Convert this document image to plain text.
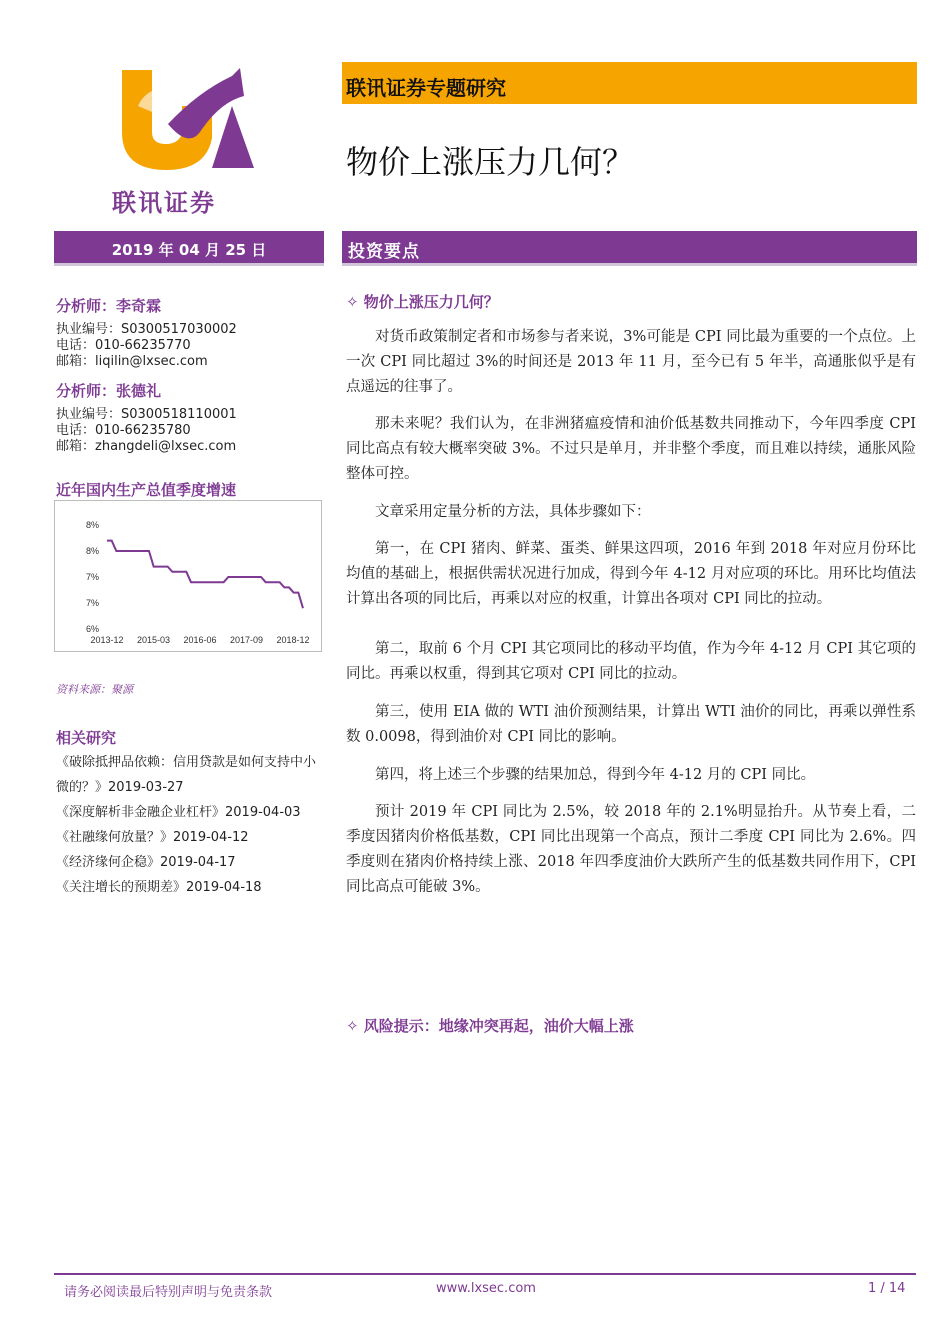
联讯证券
联讯证券专题研究
物价上涨压力几何？
2019 年 04 月 25 日	投资要点
分析师：李奇霖
执业编号：S0300517030002
电话：010-66235770
邮箱：liqilin@lxsec.com
分析师：张德礼
执业编号：S0300518110001
电话：010-66235780
邮箱：zhangdeli@lxsec.com
近年国内生产总值季度增速
8%
8%
7%
7%
6%
2013-12 2015-03 2016-06 2017-09 2018-12
资料来源：聚源
相关研究
《破除抵押品依赖：信用贷款是如何支持中小微的？》2019-03-27
《深度解析非金融企业杠杆》2019-04-03
《社融缘何放量？》2019-04-12
《经济缘何企稳》2019-04-17
《关注增长的预期差》2019-04-18
✧ 物价上涨压力几何？
对货币政策制定者和市场参与者来说，3%可能是 CPI 同比最为重要的一个点位。上一次 CPI 同比超过 3%的时间还是 2013 年 11 月，至今已有 5 年半，高通胀似乎是有点遥远的往事了。
那未来呢？我们认为，在非洲猪瘟疫情和油价低基数共同推动下，今年四季度 CPI 同比高点有较大概率突破 3%。不过只是单月，并非整个季度，而且难以持续，通胀风险整体可控。
文章采用定量分析的方法，具体步骤如下：
第一，在 CPI 猪肉、鲜菜、蛋类、鲜果这四项，2016 年到 2018 年对应月份环比均值的基础上，根据供需状况进行加成，得到今年 4-12 月对应项的环比。用环比均值法计算出各项的同比后，再乘以对应的权重，计算出各项对 CPI 同比的拉动。
第二，取前 6 个月 CPI 其它项同比的移动平均值，作为今年 4-12 月 CPI 其它项的同比。再乘以权重，得到其它项对 CPI 同比的拉动。
第三，使用 EIA 做的 WTI 油价预测结果，计算出 WTI 油价的同比，再乘以弹性系数 0.0098，得到油价对 CPI 同比的影响。
第四，将上述三个步骤的结果加总，得到今年 4-12 月的 CPI 同比。
预计 2019 年 CPI 同比为 2.5%，较 2018 年的 2.1%明显抬升。从节奏上看，二季度因猪肉价格低基数，CPI 同比出现第一个高点，预计二季度 CPI 同比为 2.6%。四季度则在猪肉价格持续上涨、2018 年四季度油价大跌所产生的低基数共同作用下，CPI 同比高点可能破 3%。
✧ 风险提示：地缘冲突再起，油价大幅上涨
请务必阅读最后特别声明与免责条款	www.lxsec.com	1 / 14
